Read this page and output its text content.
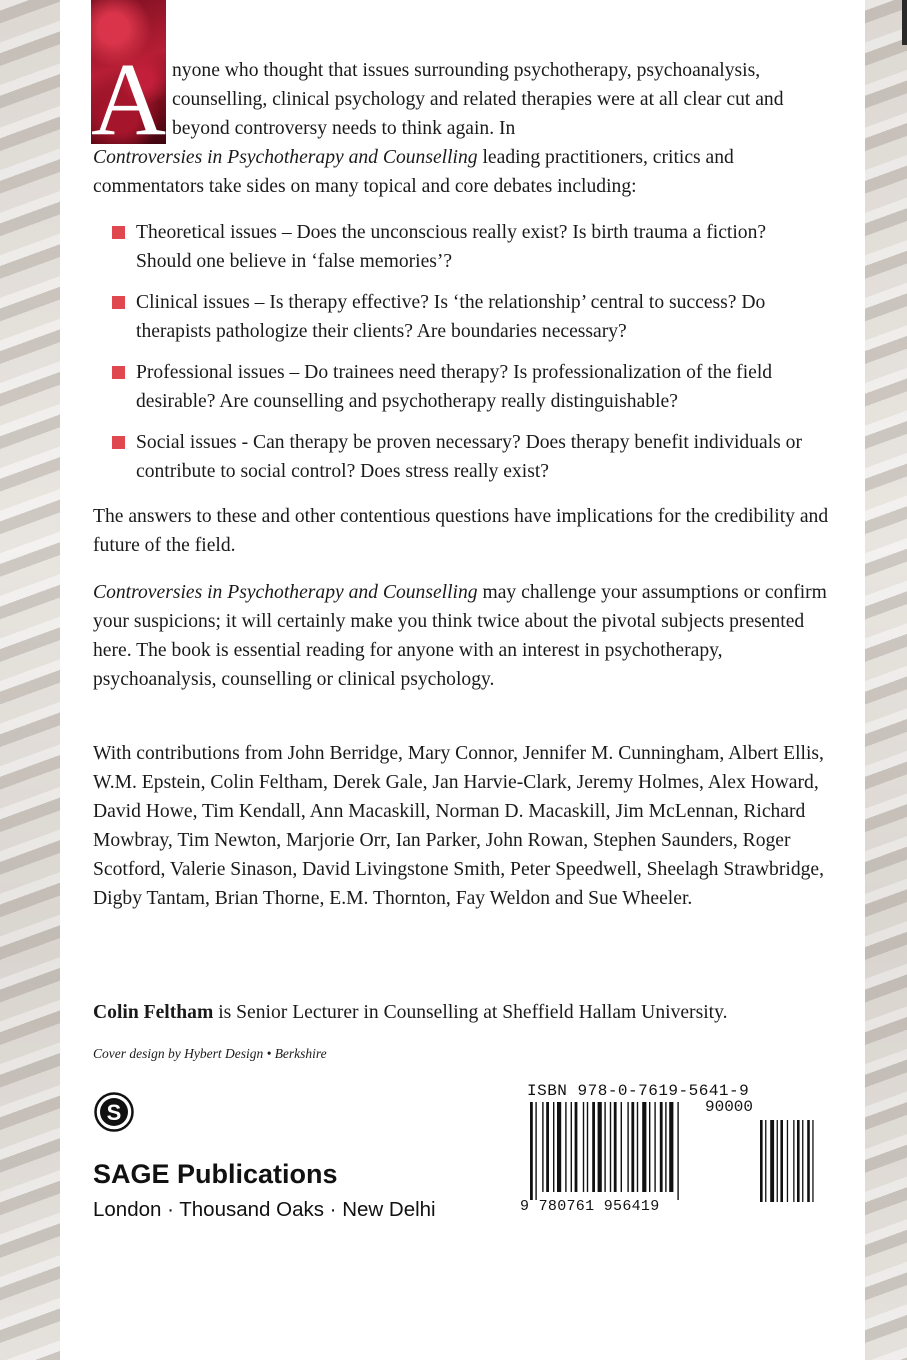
A nyone who thought that issues surrounding psychotherapy, psychoanalysis, counselling, clinical psychology and related therapies were at all clear cut and beyond controversy needs to think again. In
Controversies in Psychotherapy and Counselling leading practitioners, critics and commentators take sides on many topical and core debates including:
Theoretical issues – Does the unconscious really exist? Is birth trauma a fiction? Should one believe in ‘false memories’?
Clinical issues – Is therapy effective? Is ‘the relationship’ central to success? Do therapists pathologize their clients? Are boundaries necessary?
Professional issues – Do trainees need therapy? Is professionalization of the field desirable? Are counselling and psychotherapy really distinguishable?
Social issues - Can therapy be proven necessary? Does therapy benefit individuals or contribute to social control? Does stress really exist?
The answers to these and other contentious questions have implications for the credibility and future of the field.
Controversies in Psychotherapy and Counselling may challenge your assumptions or confirm your suspicions; it will certainly make you think twice about the pivotal subjects presented here. The book is essential reading for anyone with an interest in psychotherapy, psychoanalysis, counselling or clinical psychology.
With contributions from John Berridge, Mary Connor, Jennifer M. Cunningham, Albert Ellis, W.M. Epstein, Colin Feltham, Derek Gale, Jan Harvie-Clark, Jeremy Holmes, Alex Howard, David Howe, Tim Kendall, Ann Macaskill, Norman D. Macaskill, Jim McLennan, Richard Mowbray, Tim Newton, Marjorie Orr, Ian Parker, John Rowan, Stephen Saunders, Roger Scotford, Valerie Sinason, David Livingstone Smith, Peter Speedwell, Sheelagh Strawbridge, Digby Tantam, Brian Thorne, E.M. Thornton, Fay Weldon and Sue Wheeler.
Colin Feltham is Senior Lecturer in Counselling at Sheffield Hallam University.
Cover design by Hybert Design • Berkshire
S
SAGE Publications
London · Thousand Oaks · New Delhi
ISBN 978-0-7619-5641-9
90000
9 780761 956419
